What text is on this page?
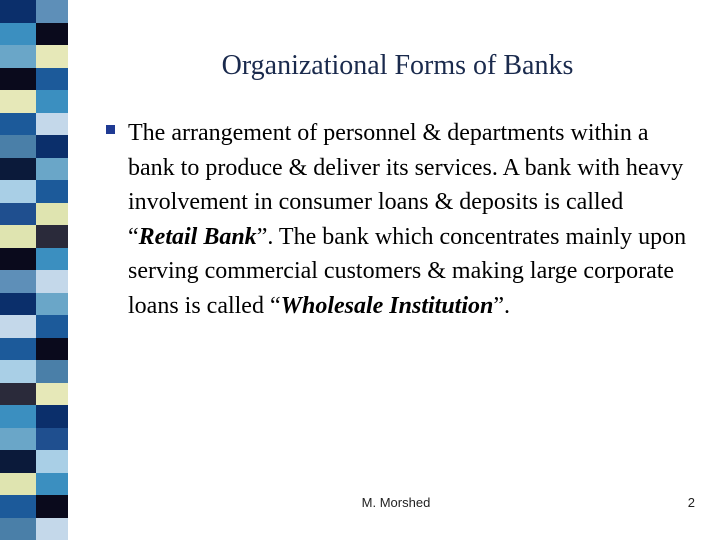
Organizational Forms of Banks
The arrangement of personnel & departments within a bank to produce & deliver its services. A bank with heavy involvement in consumer loans & deposits is called “Retail Bank”. The bank which concentrates mainly upon serving commercial customers & making large corporate loans is called “Wholesale Institution”.
M. Morshed	2
